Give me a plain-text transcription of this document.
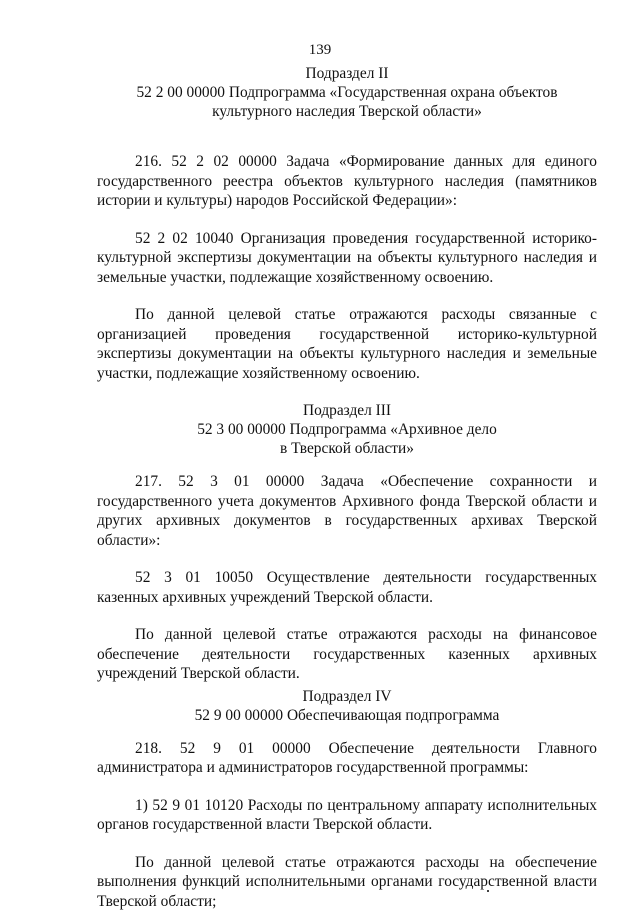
139
Подраздел II
52 2 00 00000 Подпрограмма «Государственная охрана объектов
культурного наследия Тверской области»
216. 52 2 02 00000 Задача «Формирование данных для единого государственного реестра объектов культурного наследия (памятников истории и культуры) народов Российской Федерации»:
52 2 02 10040 Организация проведения государственной историко-культурной экспертизы документации на объекты культурного наследия и земельные участки, подлежащие хозяйственному освоению.
По данной целевой статье отражаются расходы связанные с организацией проведения государственной историко-культурной экспертизы документации на объекты культурного наследия и земельные участки, подлежащие хозяйственному освоению.
Подраздел III
52 3 00 00000 Подпрограмма «Архивное дело
в Тверской области»
217. 52 3 01 00000 Задача «Обеспечение сохранности и государственного учета документов Архивного фонда Тверской области и других архивных документов в государственных архивах Тверской области»:
52 3 01 10050 Осуществление деятельности государственных казенных архивных учреждений Тверской области.
По данной целевой статье отражаются расходы на финансовое обеспечение деятельности государственных казенных архивных учреждений Тверской области.
Подраздел IV
52 9 00 00000 Обеспечивающая подпрограмма
218. 52 9 01 00000 Обеспечение деятельности Главного администратора и администраторов государственной программы:
1) 52 9 01 10120 Расходы по центральному аппарату исполнительных органов государственной власти Тверской области.
По данной целевой статье отражаются расходы на обеспечение выполнения функций исполнительными органами государственной власти Тверской области;
